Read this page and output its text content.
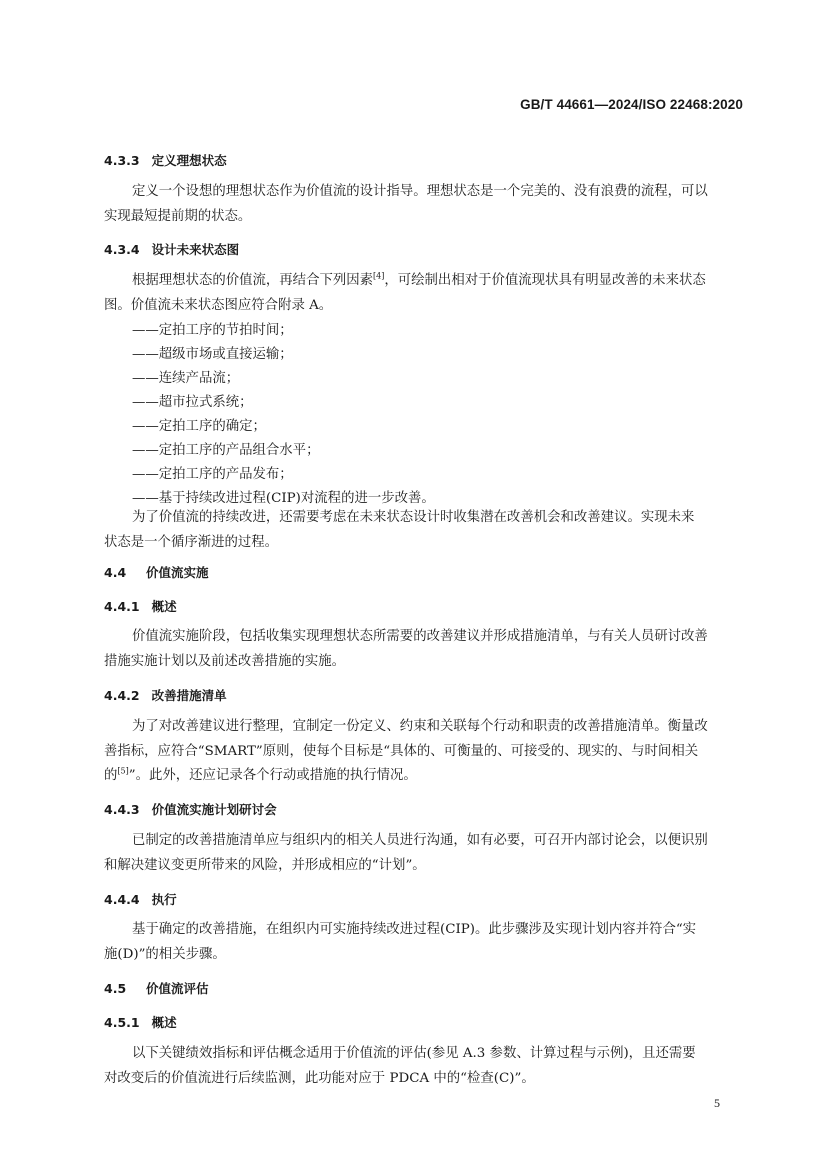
GB/T 44661—2024/ISO 22468:2020
4.3.3 定义理想状态
定义一个设想的理想状态作为价值流的设计指导。理想状态是一个完美的、没有浪费的流程，可以
实现最短提前期的状态。
4.3.4 设计未来状态图
根据理想状态的价值流，再结合下列因素[4]，可绘制出相对于价值流现状具有明显改善的未来状态
图。价值流未来状态图应符合附录 A。
——定拍工序的节拍时间；
——超级市场或直接运输；
——连续产品流；
——超市拉式系统；
——定拍工序的确定；
——定拍工序的产品组合水平；
——定拍工序的产品发布；
——基于持续改进过程(CIP)对流程的进一步改善。
为了价值流的持续改进，还需要考虑在未来状态设计时收集潜在改善机会和改善建议。实现未来
状态是一个循序渐进的过程。
4.4 价值流实施
4.4.1 概述
价值流实施阶段，包括收集实现理想状态所需要的改善建议并形成措施清单，与有关人员研讨改善
措施实施计划以及前述改善措施的实施。
4.4.2 改善措施清单
为了对改善建议进行整理，宜制定一份定义、约束和关联每个行动和职责的改善措施清单。衡量改
善指标，应符合“SMART”原则，使每个目标是“具体的、可衡量的、可接受的、现实的、与时间相关
的[5]”。此外，还应记录各个行动或措施的执行情况。
4.4.3 价值流实施计划研讨会
已制定的改善措施清单应与组织内的相关人员进行沟通，如有必要，可召开内部讨论会，以便识别
和解决建议变更所带来的风险，并形成相应的“计划”。
4.4.4 执行
基于确定的改善措施，在组织内可实施持续改进过程(CIP)。此步骤涉及实现计划内容并符合“实
施(D)”的相关步骤。
4.5 价值流评估
4.5.1 概述
以下关键绩效指标和评估概念适用于价值流的评估(参见 A.3 参数、计算过程与示例)，且还需要
对改变后的价值流进行后续监测，此功能对应于 PDCA 中的“检查(C)”。
5
